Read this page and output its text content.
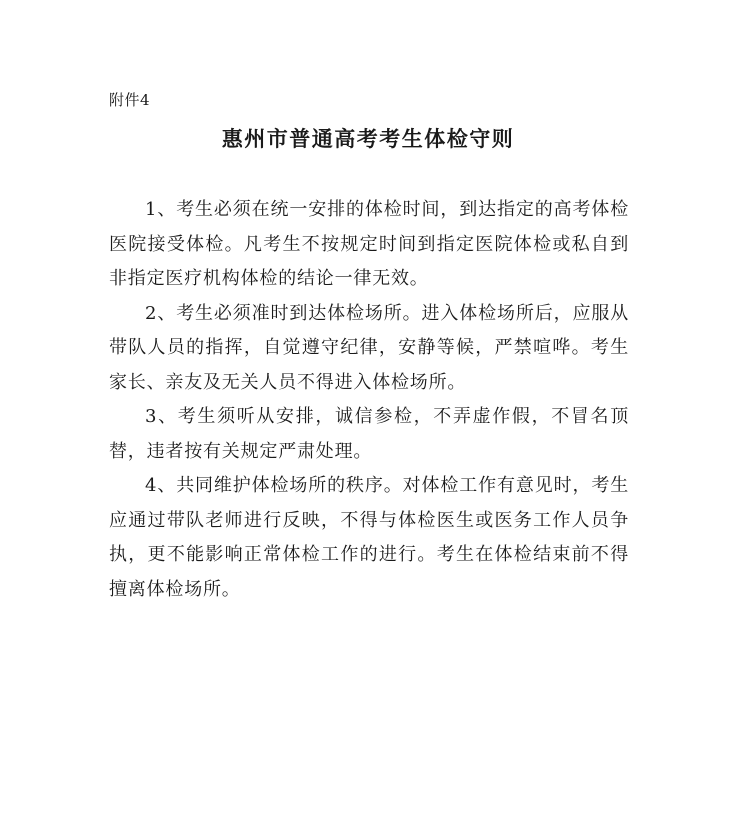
附件4
惠州市普通高考考生体检守则

1、考生必须在统一安排的体检时间，到达指定的高考体检医院接受体检。凡考生不按规定时间到指定医院体检或私自到非指定医疗机构体检的结论一律无效。

2、考生必须准时到达体检场所。进入体检场所后，应服从带队人员的指挥，自觉遵守纪律，安静等候，严禁喧哗。考生家长、亲友及无关人员不得进入体检场所。

3、考生须听从安排，诚信参检，不弄虚作假，不冒名顶替，违者按有关规定严肃处理。

4、共同维护体检场所的秩序。对体检工作有意见时，考生应通过带队老师进行反映，不得与体检医生或医务工作人员争执，更不能影响正常体检工作的进行。考生在体检结束前不得擅离体检场所。
